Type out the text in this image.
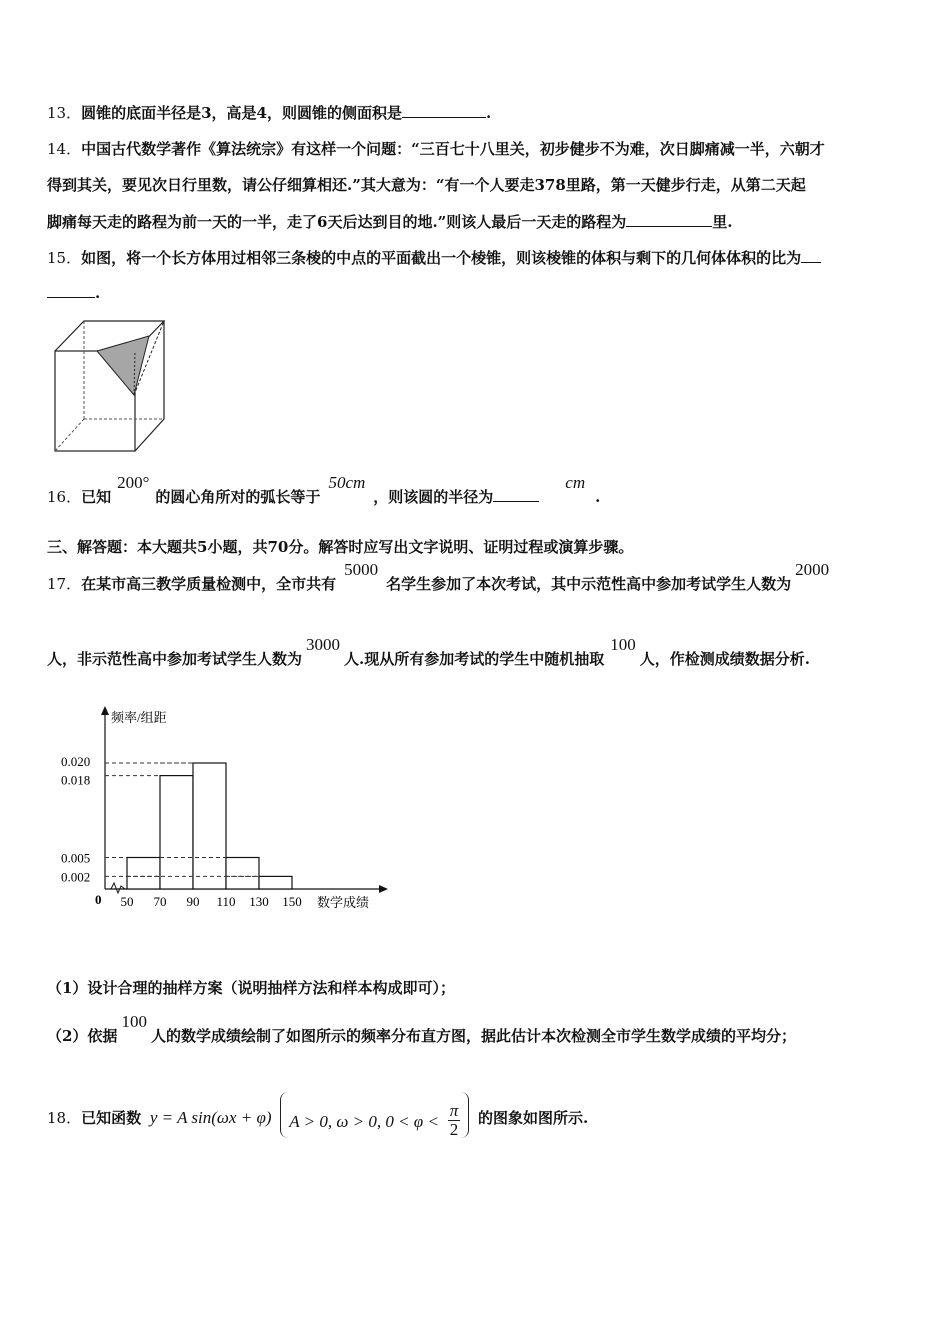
13．圆锥的底面半径是3，高是4，则圆锥的侧面积是	.
14．中国古代数学著作《算法统宗》有这样一个问题：“三百七十八里关，初步健步不为难，次日脚痛减一半，六朝才
得到其关，要见次日行里数，请公仔细算相还.”其大意为：“有一个人要走378里路，第一天健步行走，从第二天起
脚痛每天走的路程为前一天的一半，走了6天后达到目的地.”则该人最后一天走的路程为	里.
15．如图，将一个长方体用过相邻三条棱的中点的平面截出一个棱锥，则该棱锥的体积与剩下的几何体体积的比为
.
16．已知200°的圆心角所对的弧长等于50cm，则该圆的半径为cm.
三、解答题：本大题共5小题，共70分。解答时应写出文字说明、证明过程或演算步骤。
17．在某市高三教学质量检测中，全市共有5000名学生参加了本次考试，其中示范性高中参加考试学生人数为2000
人，非示范性高中参加考试学生人数为3000人.现从所有参加考试的学生中随机抽取100人，作检测成绩数据分析.
频率/组距
数学成绩
0
0.020
0.018
0.005
0.002
50 70 90 110 130 150
（1）设计合理的抽样方案（说明抽样方法和样本构成即可）；
（2）依据100人的数学成绩绘制了如图所示的频率分布直方图，据此估计本次检测全市学生数学成绩的平均分；
18．已知函数 y = A sin(ωx + φ) A > 0, ω > 0, $0 < \varphi < \frac{\pi}{2}$ 的图象如图所示.
